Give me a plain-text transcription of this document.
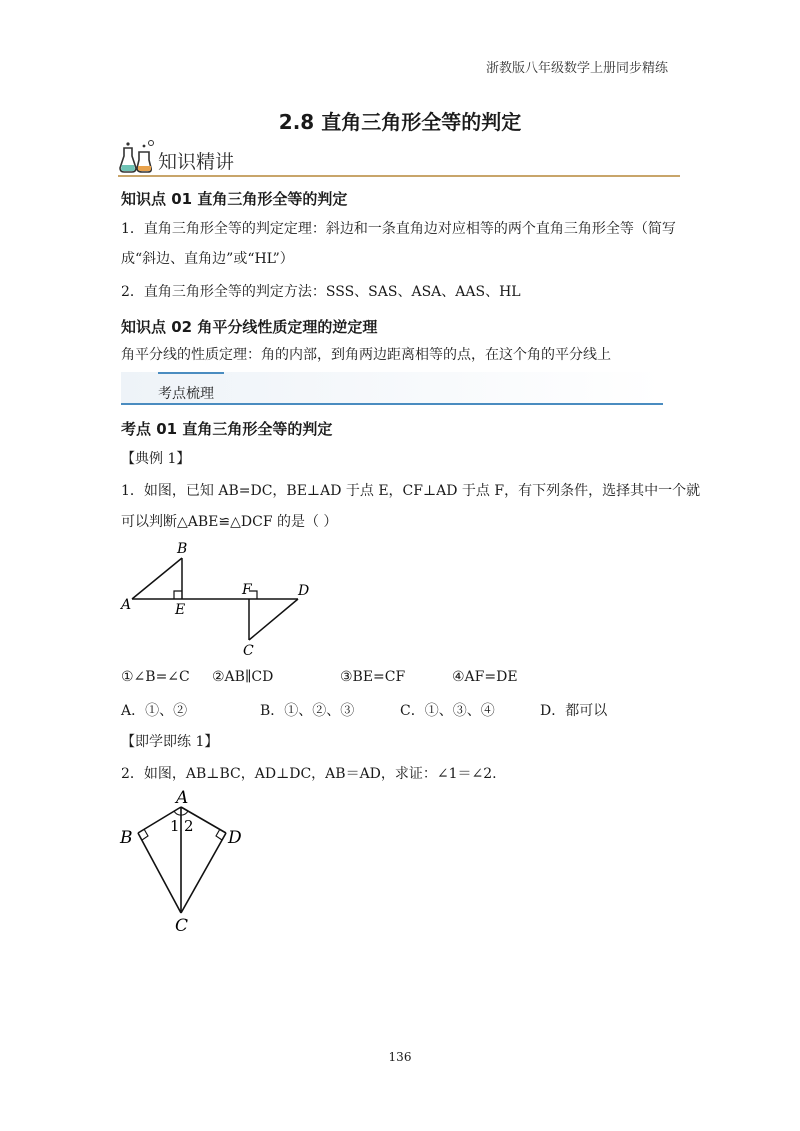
浙教版八年级数学上册同步精练
2.8 直角三角形全等的判定
知识精讲
知识点 01 直角三角形全等的判定
1．直角三角形全等的判定定理：斜边和一条直角边对应相等的两个直角三角形全等（简写
成“斜边、直角边”或“HL”）
2．直角三角形全等的判定方法：SSS、SAS、ASA、AAS、HL
知识点 02 角平分线性质定理的逆定理
角平分线的性质定理：角的内部，到角两边距离相等的点，在这个角的平分线上
考点梳理
考点 01 直角三角形全等的判定
【典例 1】
1．如图，已知 AB=DC，BE⊥AD 于点 E，CF⊥AD 于点 F，有下列条件，选择其中一个就
可以判断△ABE≌△DCF 的是（ ）
B
A	E
F	D
C
①∠B=∠C ②AB∥CD	③BE=CF	④AF=DE
A．①、②	B．①、②、③	C．①、③、④	D．都可以
【即学即练 1】
2．如图，AB⊥BC，AD⊥DC，AB＝AD，求证：∠1＝∠2.
A
B	D
C
1 2
136
